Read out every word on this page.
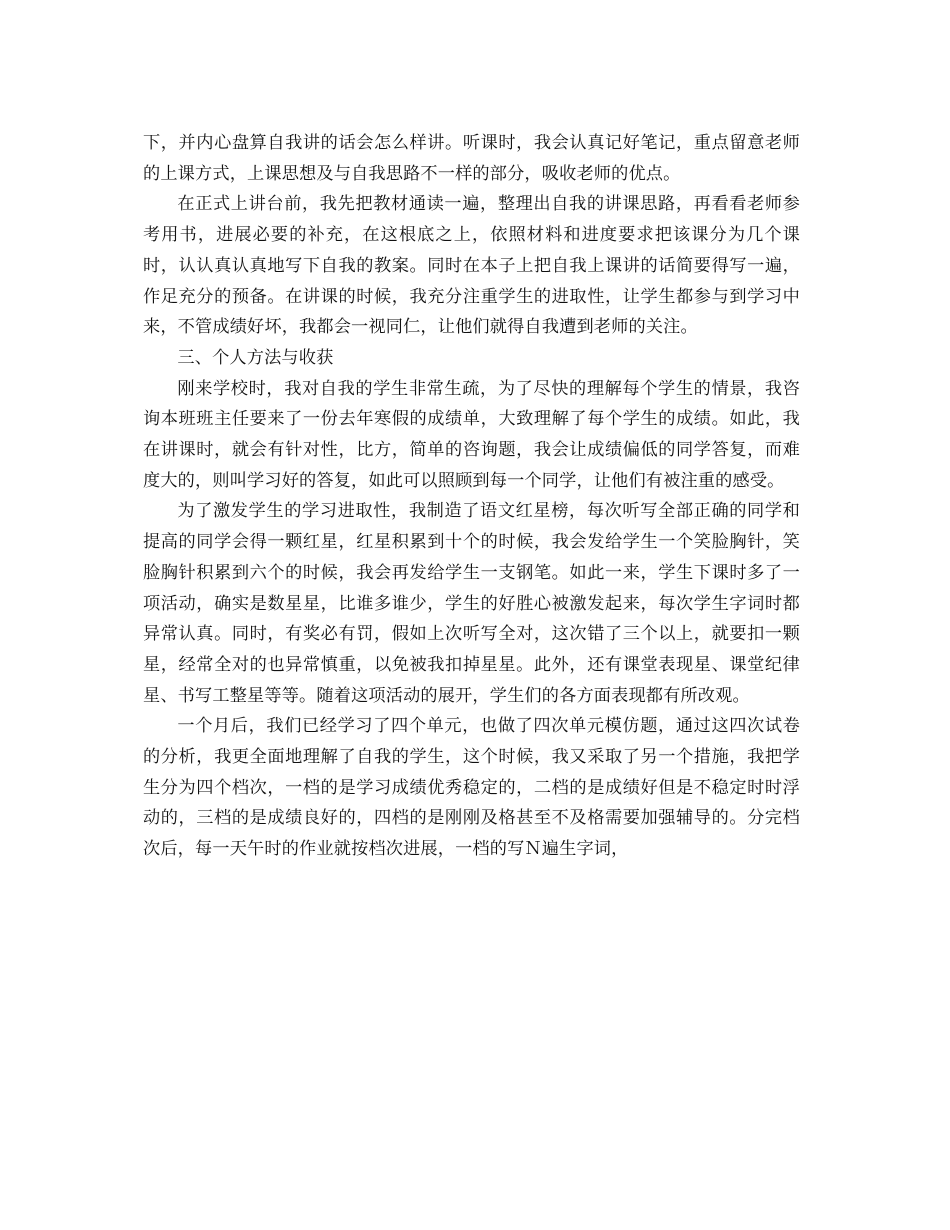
下，并内心盘算自我讲的话会怎么样讲。听课时，我会认真记好笔记，重点留意老师的上课方式，上课思想及与自我思路不一样的部分，吸收老师的优点。

在正式上讲台前，我先把教材通读一遍，整理出自我的讲课思路，再看看老师参考用书，进展必要的补充，在这根底之上，依照材料和进度要求把该课分为几个课时，认认真认真地写下自我的教案。同时在本子上把自我上课讲的话简要得写一遍，作足充分的预备。在讲课的时候，我充分注重学生的进取性，让学生都参与到学习中来，不管成绩好坏，我都会一视同仁，让他们就得自我遭到老师的关注。

三、个人方法与收获

刚来学校时，我对自我的学生非常生疏，为了尽快的理解每个学生的情景，我咨询本班班主任要来了一份去年寒假的成绩单，大致理解了每个学生的成绩。如此，我在讲课时，就会有针对性，比方，简单的咨询题，我会让成绩偏低的同学答复，而难度大的，则叫学习好的答复，如此可以照顾到每一个同学，让他们有被注重的感受。

为了激发学生的学习进取性，我制造了语文红星榜，每次听写全部正确的同学和提高的同学会得一颗红星，红星积累到十个的时候，我会发给学生一个笑脸胸针，笑脸胸针积累到六个的时候，我会再发给学生一支钢笔。如此一来，学生下课时多了一项活动，确实是数星星，比谁多谁少，学生的好胜心被激发起来，每次学生字词时都异常认真。同时，有奖必有罚，假如上次听写全对，这次错了三个以上，就要扣一颗星，经常全对的也异常慎重，以免被我扣掉星星。此外，还有课堂表现星、课堂纪律星、书写工整星等等。随着这项活动的展开，学生们的各方面表现都有所改观。

一个月后，我们已经学习了四个单元，也做了四次单元模仿题，通过这四次试卷的分析，我更全面地理解了自我的学生，这个时候，我又采取了另一个措施，我把学生分为四个档次，一档的是学习成绩优秀稳定的，二档的是成绩好但是不稳定时时浮动的，三档的是成绩良好的，四档的是刚刚及格甚至不及格需要加强辅导的。分完档次后，每一天午时的作业就按档次进展，一档的写Ｎ遍生字词，
